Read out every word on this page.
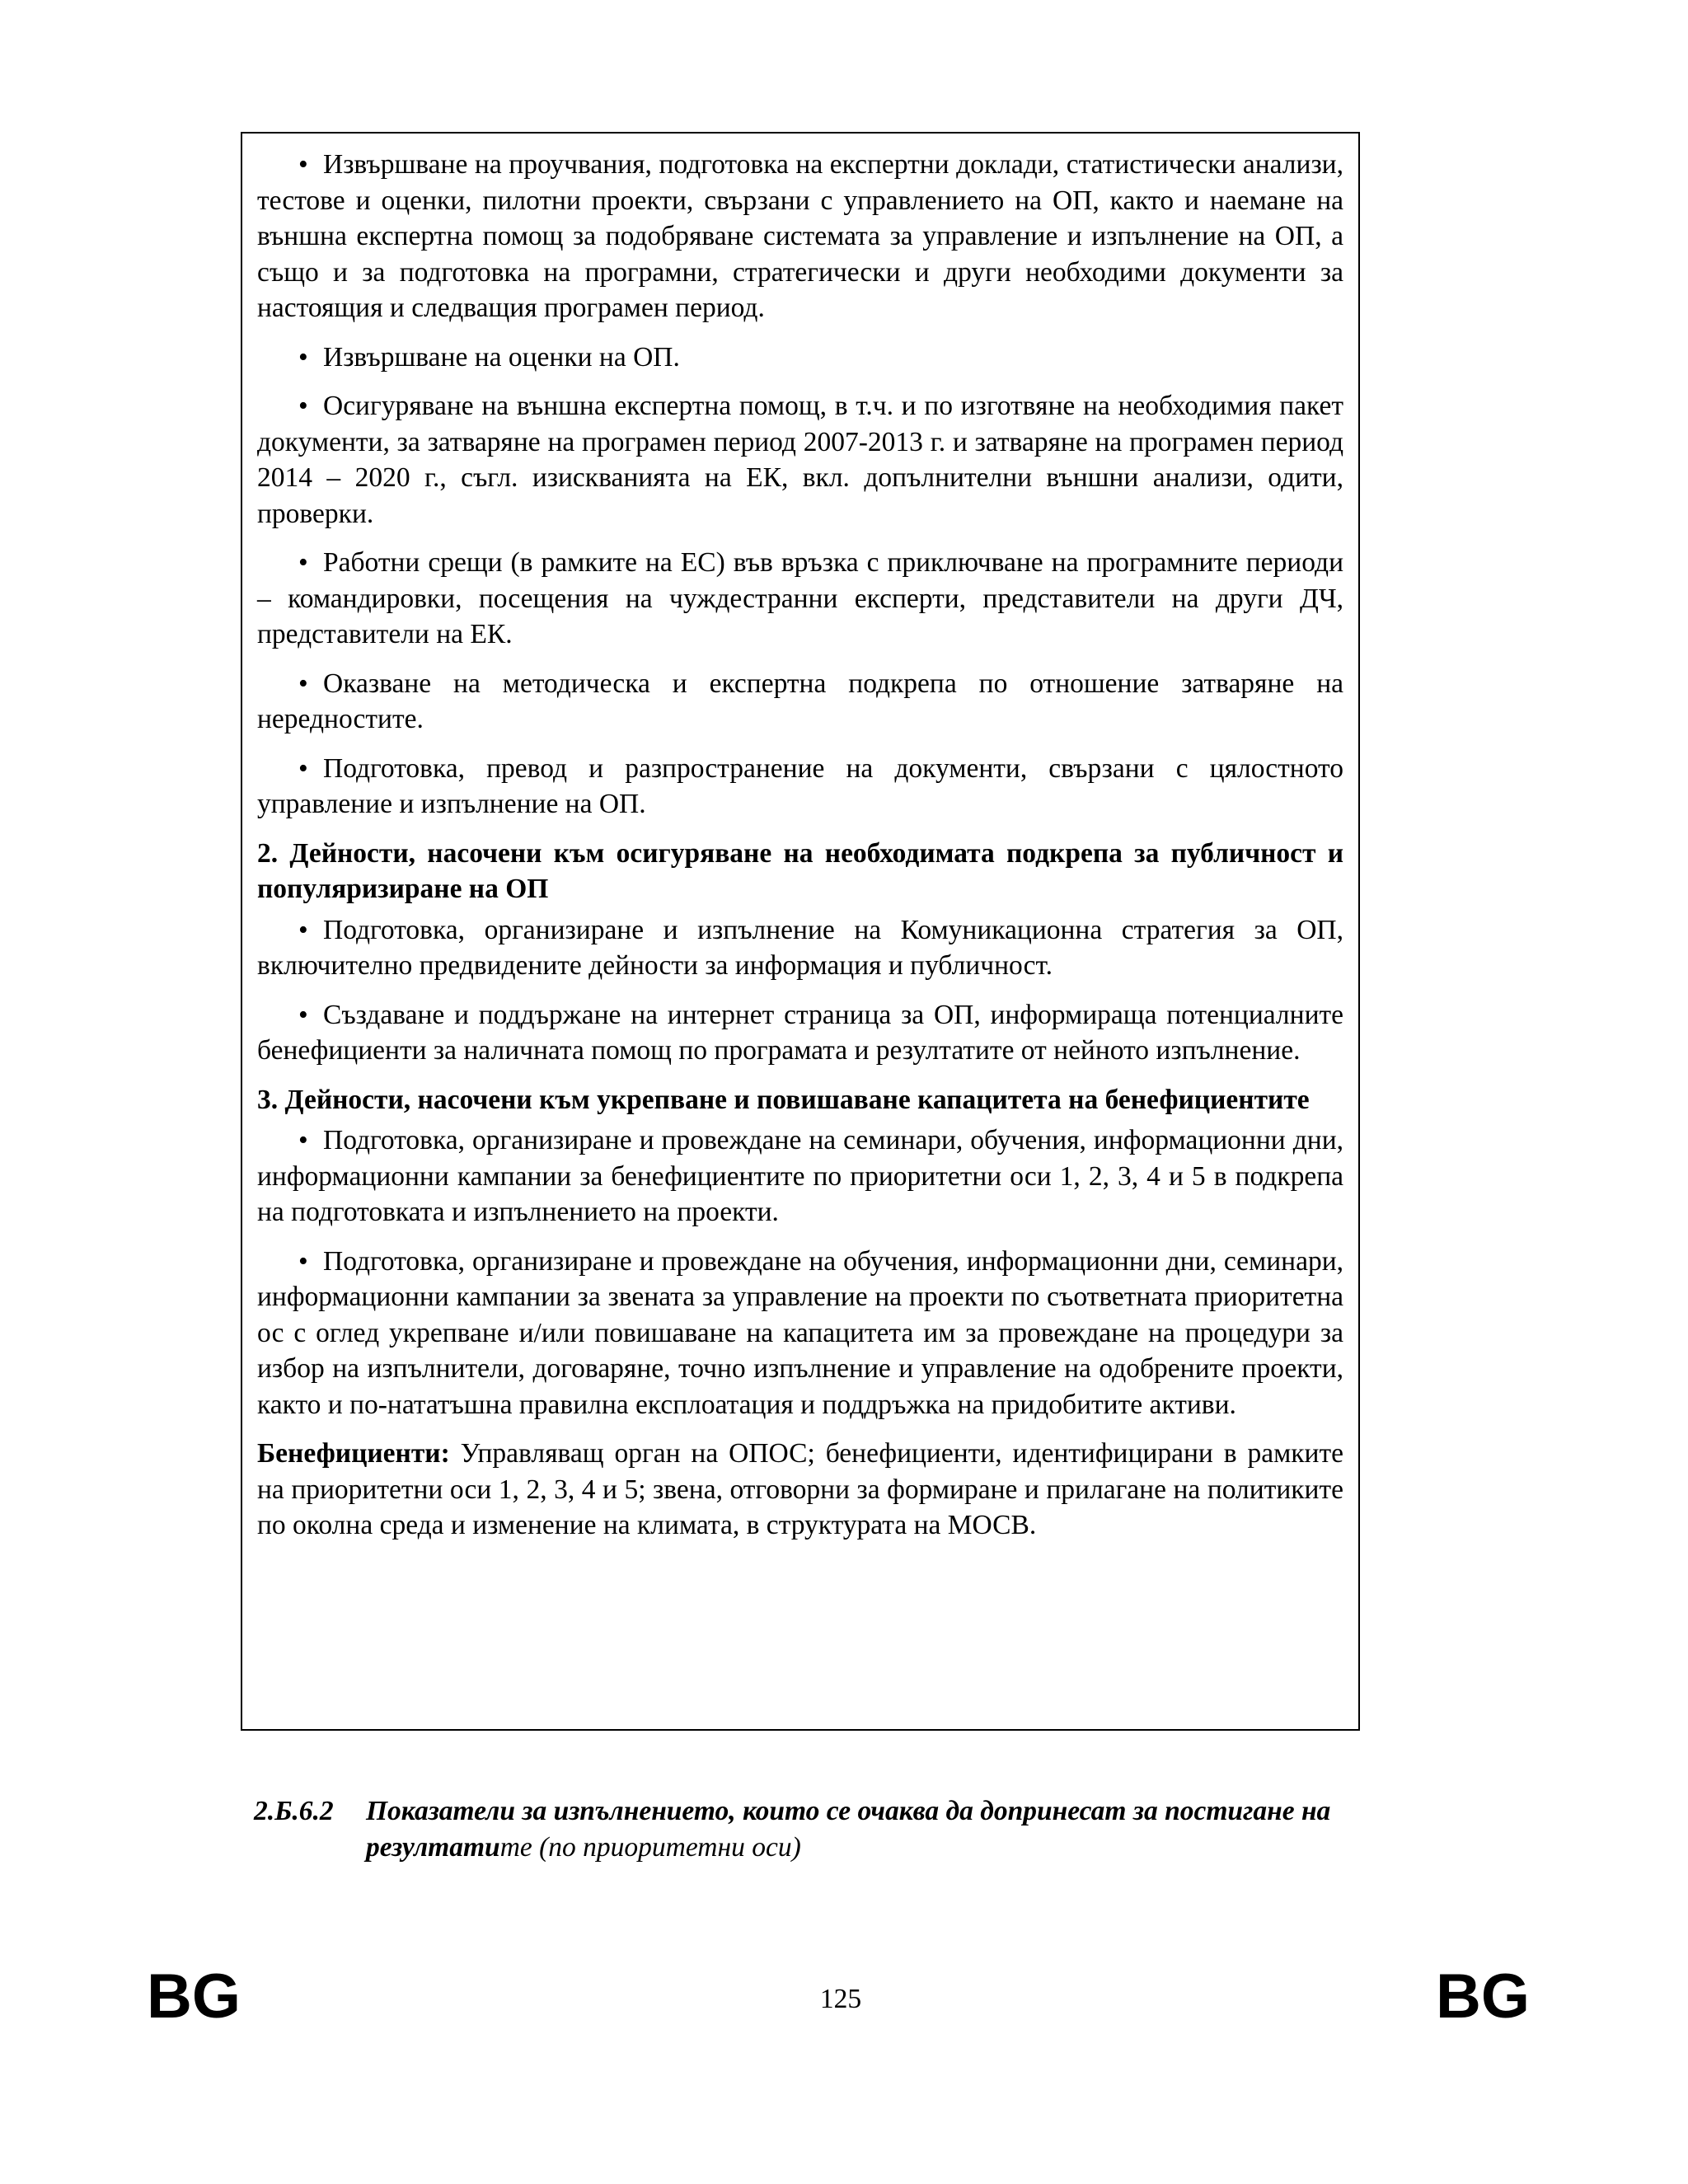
• Извършване на проучвания, подготовка на експертни доклади, статистически анализи, тестове и оценки, пилотни проекти, свързани с управлението на ОП, както и наемане на външна експертна помощ за подобряване системата за управление и изпълнение на ОП, а също и за подготовка на програмни, стратегически и други необходими документи за настоящия и следващия програмен период.

• Извършване на оценки на ОП.

• Осигуряване на външна експертна помощ, в т.ч. и по изготвяне на необходимия пакет документи, за затваряне на програмен период 2007-2013 г. и затваряне на програмен период 2014 – 2020 г., съгл. изискванията на ЕК, вкл. допълнителни външни анализи, одити, проверки.

• Работни срещи (в рамките на ЕС) във връзка с приключване на програмните периоди – командировки, посещения на чуждестранни експерти, представители на други ДЧ, представители на ЕК.

• Оказване на методическа и експертна подкрепа по отношение затваряне на нередностите.

• Подготовка, превод и разпространение на документи, свързани с цялостното управление и изпълнение на ОП.

2. Дейности, насочени към осигуряване на необходимата подкрепа за публичност и популяризиране на ОП

• Подготовка, организиране и изпълнение на Комуникационна стратегия за ОП, включително предвидените дейности за информация и публичност.

• Създаване и поддържане на интернет страница за ОП, информираща потенциалните бенефициенти за наличната помощ по програмата и резултатите от нейното изпълнение.

3. Дейности, насочени към укрепване и повишаване капацитета на бенефициентите

• Подготовка, организиране и провеждане на семинари, обучения, информационни дни, информационни кампании за бенефициентите по приоритетни оси 1, 2, 3, 4 и 5 в подкрепа на подготовката и изпълнението на проекти.

• Подготовка, организиране и провеждане на обучения, информационни дни, семинари, информационни кампании за звената за управление на проекти по съответната приоритетна ос с оглед укрепване и/или повишаване на капацитета им за провеждане на процедури за избор на изпълнители, договаряне, точно изпълнение и управление на одобрените проекти, както и по-нататъшна правилна експлоатация и поддръжка на придобитите активи.

Бенефициенти: Управляващ орган на ОПОС; бенефициенти, идентифицирани в рамките на приоритетни оси 1, 2, 3, 4 и 5; звена, отговорни за формиране и прилагане на политиките по околна среда и изменение на климата, в структурата на МОСВ.

2.Б.6.2 Показатели за изпълнението, които се очаква да допринесат за постигане на резултатите (по приоритетни оси)
BG	125	BG
